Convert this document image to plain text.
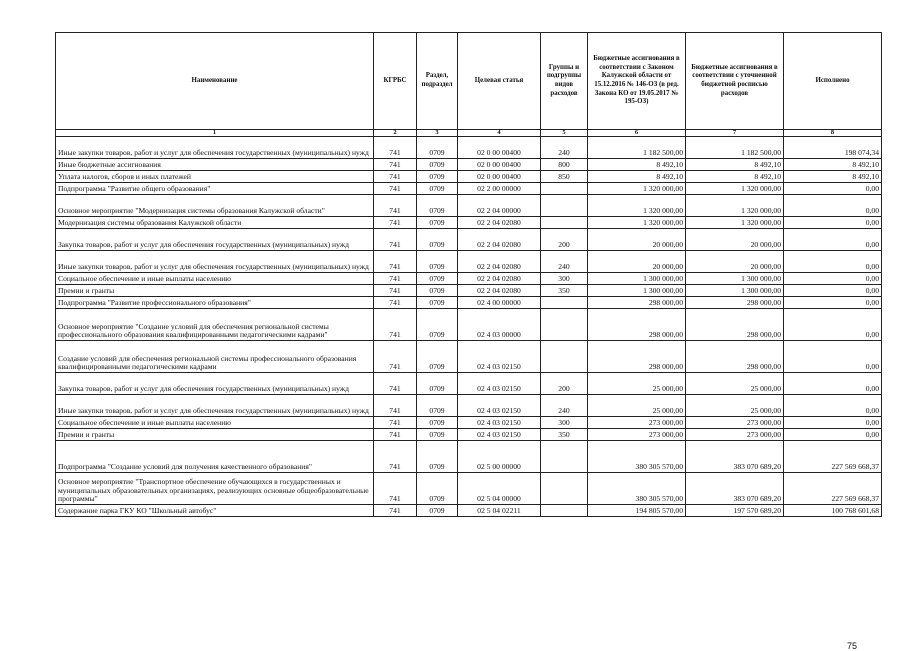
Наименование	КГРБС	Раздел, подраздел	Целевая статья	Группы и подгруппы видов расходов	Бюджетные ассигнования в соответствии с Законом Калужской области от 15.12.2016 № 146-ОЗ (в ред. Закона КО от 19.05.2017 № 195-ОЗ)	Бюджетные ассигнования в соответствии с уточненной бюджетной росписью расходов	Исполнено
1	2	3	4	5	6	7	8
Иные закупки товаров, работ и услуг для обеспечения государственных (муниципальных) нужд	741	0709	02 0 00 00400	240	1 182 500,00	1 182 500,00	198 074,34
Иные бюджетные ассигнования	741	0709	02 0 00 00400	800	8 492,10	8 492,10	8 492,10
Уплата налогов, сборов и иных платежей	741	0709	02 0 00 00400	850	8 492,10	8 492,10	8 492,10
Подпрограмма "Развитие общего образования"	741	0709	02 2 00 00000		1 320 000,00	1 320 000,00	0,00
Основное мероприятие "Модернизация системы образования Калужской области"	741	0709	02 2 04 00000		1 320 000,00	1 320 000,00	0,00
Модернизация системы образования Калужской области	741	0709	02 2 04 02080		1 320 000,00	1 320 000,00	0,00
Закупка товаров, работ и услуг для обеспечения государственных (муниципальных) нужд	741	0709	02 2 04 02080	200	20 000,00	20 000,00	0,00
Иные закупки товаров, работ и услуг для обеспечения государственных (муниципальных) нужд	741	0709	02 2 04 02080	240	20 000,00	20 000,00	0,00
Социальное обеспечение и иные выплаты населению	741	0709	02 2 04 02080	300	1 300 000,00	1 300 000,00	0,00
Премии и гранты	741	0709	02 2 04 02080	350	1 300 000,00	1 300 000,00	0,00
Подпрограмма "Развитие профессионального образования"	741	0709	02 4 00 00000		298 000,00	298 000,00	0,00
Основное мероприятие "Создание условий для обеспечения региональной системы профессионального образования квалифицированными педагогическими кадрами"	741	0709	02 4 03 00000		298 000,00	298 000,00	0,00
Создание условий для обеспечения региональной системы профессионального образования квалифицированными педагогическими кадрами	741	0709	02 4 03 02150		298 000,00	298 000,00	0,00
Закупка товаров, работ и услуг для обеспечения государственных (муниципальных) нужд	741	0709	02 4 03 02150	200	25 000,00	25 000,00	0,00
Иные закупки товаров, работ и услуг для обеспечения государственных (муниципальных) нужд	741	0709	02 4 03 02150	240	25 000,00	25 000,00	0,00
Социальное обеспечение и иные выплаты населению	741	0709	02 4 03 02150	300	273 000,00	273 000,00	0,00
Премии и гранты	741	0709	02 4 03 02150	350	273 000,00	273 000,00	0,00
Подпрограмма "Создание условий для получения качественного образования"	741	0709	02 5 00 00000		380 305 570,00	383 070 689,20	227 569 668,37
Основное мероприятие "Транспортное обеспечение обучающихся в государственных и муниципальных образовательных организациях, реализующих основные общеобразовательные программы"	741	0709	02 5 04 00000		380 305 570,00	383 070 689,20	227 569 668,37
Содержание парка ГКУ КО "Школьный автобус"	741	0709	02 5 04 02211		194 805 570,00	197 570 689,20	100 768 601,68
75
